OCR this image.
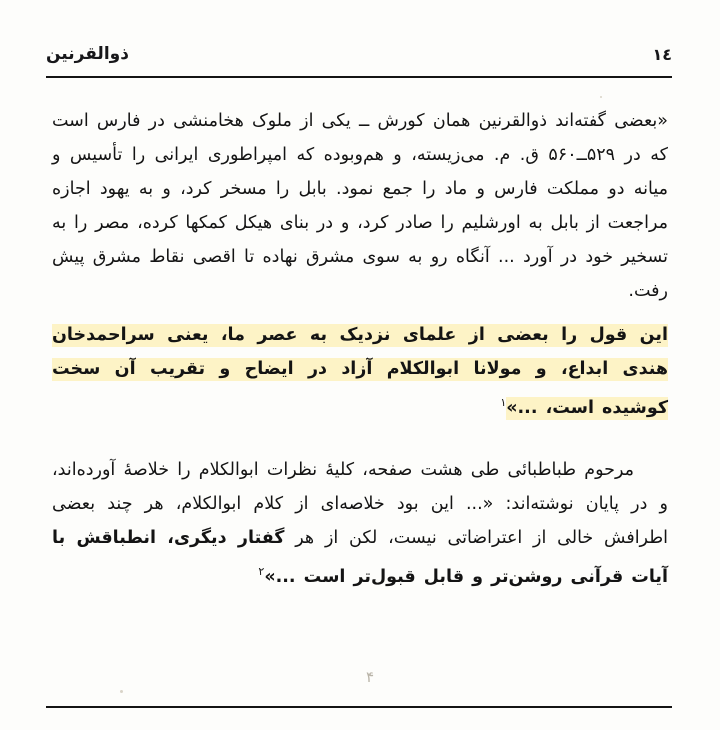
ذوالقرنين	١٤

«بعضی گفته‌اند ذوالقرنین همان کورش ــ یکی از ملوک هخامنشی در فارس است که در ۵۲۹ــ۵۶۰ ق. م. می‌زیسته، و هم‌و‌بوده که امپراطوری ایرانی را تأسیس و میانه دو مملکت فارس و ماد را جمع نمود. بابل را مسخر کرد، و به یهود اجازه مراجعت از بابل به اورشلیم را صادر کرد، و در بنای هیکل کمکها کرده، مصر را به تسخیر خود در آورد ... آنگاه رو به سوی مشرق نهاده تا اقصی نقاط مشرق پیش رفت.

این قول را بعضی از علمای نزدیک به عصر ما، یعنی سراحمدخان هندی ابداع، و مولانا ابوالکلام آزاد در ایضاح و تقریب آن سخت کوشیده است، ...»$^١$

مرحوم طباطبائی طی هشت صفحه، کلیهٔ نظرات ابوالکلام را خلاصهٔ آورده‌اند، و در پایان نوشته‌اند: «... این بود خلاصه‌ای از کلام ابوالکلام، هر چند بعضی اطرافش خالی از اعتراضاتی نیست، لکن از هر گفتار دیگری، انطباقش با آیات قرآنی روشن‌تر و قابل قبول‌تر است ...»$^٢$

۴
